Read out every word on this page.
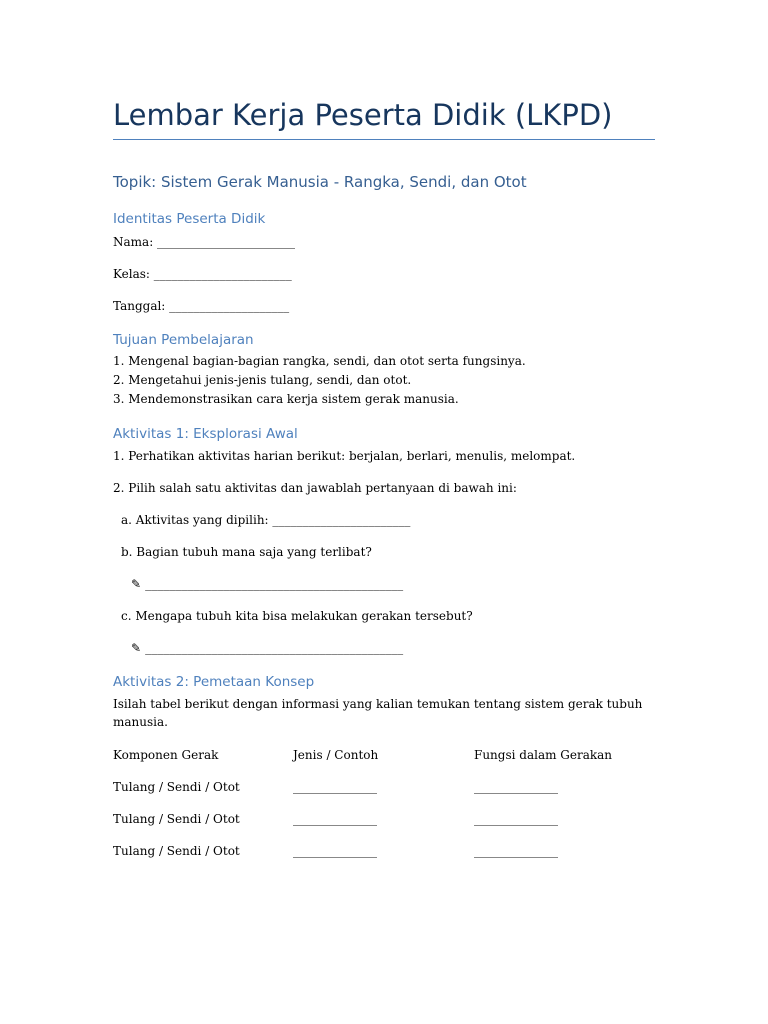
Lembar Kerja Peserta Didik (LKPD)
Topik: Sistem Gerak Manusia - Rangka, Sendi, dan Otot
Identitas Peserta Didik
Nama: _______________________
Kelas: _______________________
Tanggal: ____________________
Tujuan Pembelajaran
1. Mengenal bagian-bagian rangka, sendi, dan otot serta fungsinya.
2. Mengetahui jenis-jenis tulang, sendi, dan otot.
3. Mendemonstrasikan cara kerja sistem gerak manusia.
Aktivitas 1: Eksplorasi Awal
1. Perhatikan aktivitas harian berikut: berjalan, berlari, menulis, melompat.
2. Pilih salah satu aktivitas dan jawablah pertanyaan di bawah ini:
a. Aktivitas yang dipilih: _______________________
b. Bagian tubuh mana saja yang terlibat?
✎ ___________________________________________
c. Mengapa tubuh kita bisa melakukan gerakan tersebut?
✎ ___________________________________________
Aktivitas 2: Pemetaan Konsep
Isilah tabel berikut dengan informasi yang kalian temukan tentang sistem gerak tubuh manusia.
Komponen Gerak	Jenis / Contoh	Fungsi dalam Gerakan
Tulang / Sendi / Otot	______________	______________
Tulang / Sendi / Otot	______________	______________
Tulang / Sendi / Otot	______________	______________
